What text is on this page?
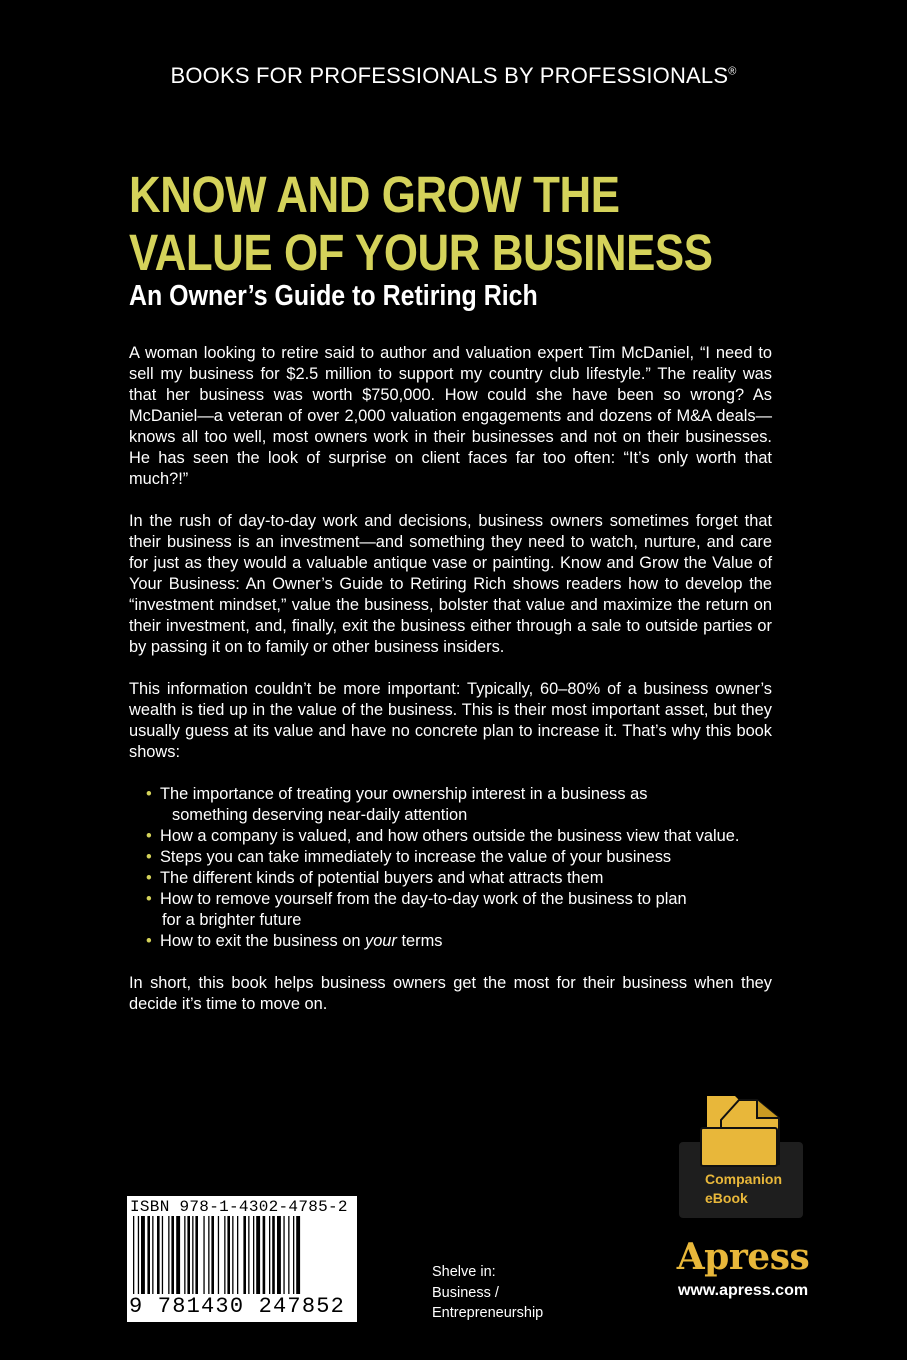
BOOKS FOR PROFESSIONALS BY PROFESSIONALS®
KNOW AND GROW THE
VALUE OF YOUR BUSINESS
An Owner’s Guide to Retiring Rich

A woman looking to retire said to author and valuation expert Tim McDaniel, “I need to sell my business for $2.5 million to support my country club lifestyle.” The reality was that her business was worth $750,000. How could she have been so wrong? As McDaniel—a veteran of over 2,000 valuation engagements and dozens of M&A deals—knows all too well, most owners work in their businesses and not on their businesses. He has seen the look of surprise on client faces far too often: “It’s only worth that much?!”

In the rush of day-to-day work and decisions, business owners sometimes forget that their business is an investment—and something they need to watch, nurture, and care for just as they would a valuable antique vase or painting. Know and Grow the Value of Your Business: An Owner’s Guide to Retiring Rich shows readers how to develop the “investment mindset,” value the business, bolster that value and maximize the return on their investment, and, finally, exit the business either through a sale to outside parties or by passing it on to family or other business insiders.

This information couldn’t be more important: Typically, 60–80% of a business owner’s wealth is tied up in the value of the business. This is their most important asset, but they usually guess at its value and have no concrete plan to increase it. That’s why this book shows:

• The importance of treating your ownership interest in a business as
something deserving near-daily attention
• How a company is valued, and how others outside the business view that value.
• Steps you can take immediately to increase the value of your business
• The different kinds of potential buyers and what attracts them
• How to remove yourself from the day-to-day work of the business to plan
for a brighter future
• How to exit the business on your terms

In short, this book helps business owners get the most for their business when they decide it’s time to move on.

Companion
eBook
ISBN 978-1-4302-4785-2
9 781430 247852
Shelve in:
Business /
Entrepreneurship
Apress
www.apress.com
